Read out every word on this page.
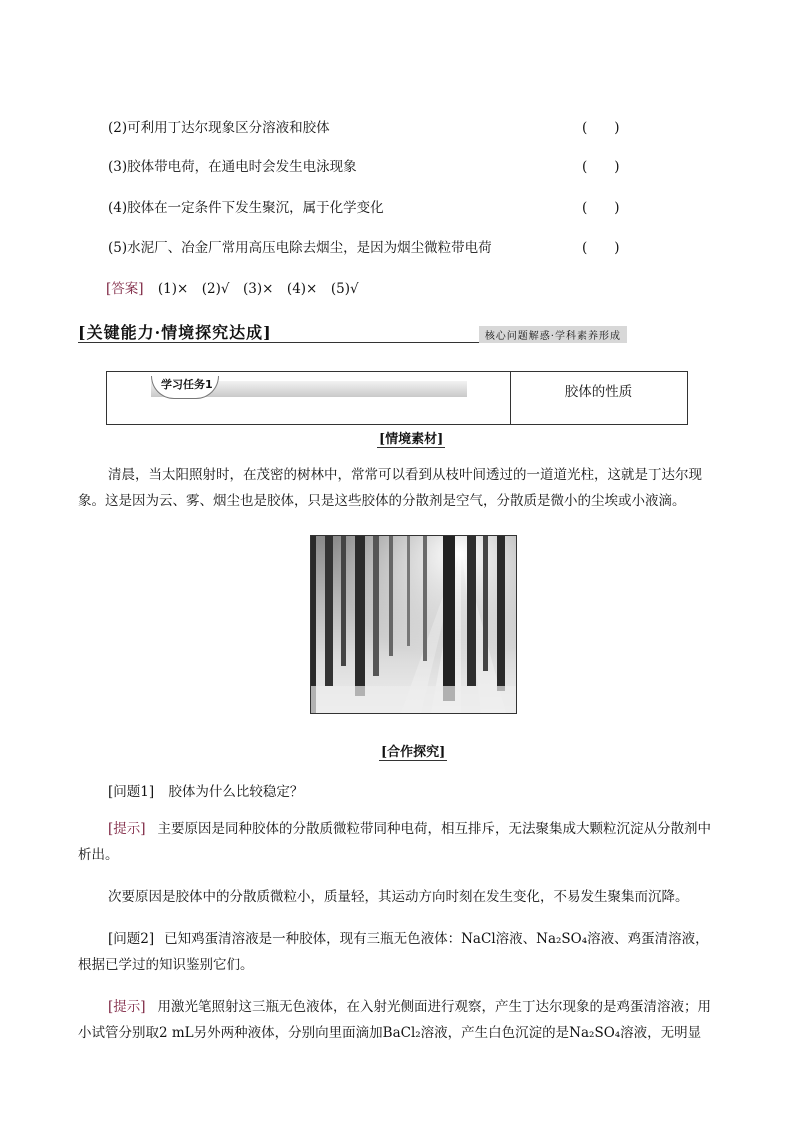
(2)可利用丁达尔现象区分溶液和胶体	(　　)
(3)胶体带电荷，在通电时会发生电泳现象	(　　)
(4)胶体在一定条件下发生聚沉，属于化学变化	(　　)
(5)水泥厂、冶金厂常用高压电除去烟尘，是因为烟尘微粒带电荷	(　　)
[答案] (1)×　(2)√　(3)×　(4)×　(5)√
[关键能力·情境探究达成]	核心问题解惑·学科素养形成
学习任务1	胶体的性质
[情境素材]
清晨，当太阳照射时，在茂密的树林中，常常可以看到从枝叶间透过的一道道光柱，这就是丁达尔现象。这是因为云、雾、烟尘也是胶体，只是这些胶体的分散剂是空气，分散质是微小的尘埃或小液滴。
[合作探究]
[问题1] 胶体为什么比较稳定？
[提示] 主要原因是同种胶体的分散质微粒带同种电荷，相互排斥，无法聚集成大颗粒沉淀从分散剂中析出。
次要原因是胶体中的分散质微粒小，质量轻，其运动方向时刻在发生变化，不易发生聚集而沉降。
[问题2] 已知鸡蛋清溶液是一种胶体，现有三瓶无色液体：NaCl溶液、Na₂SO₄溶液、鸡蛋清溶液，根据已学过的知识鉴别它们。
[提示] 用激光笔照射这三瓶无色液体，在入射光侧面进行观察，产生丁达尔现象的是鸡蛋清溶液；用小试管分别取2 mL另外两种液体，分别向里面滴加BaCl₂溶液，产生白色沉淀的是Na₂SO₄溶液，无明显
